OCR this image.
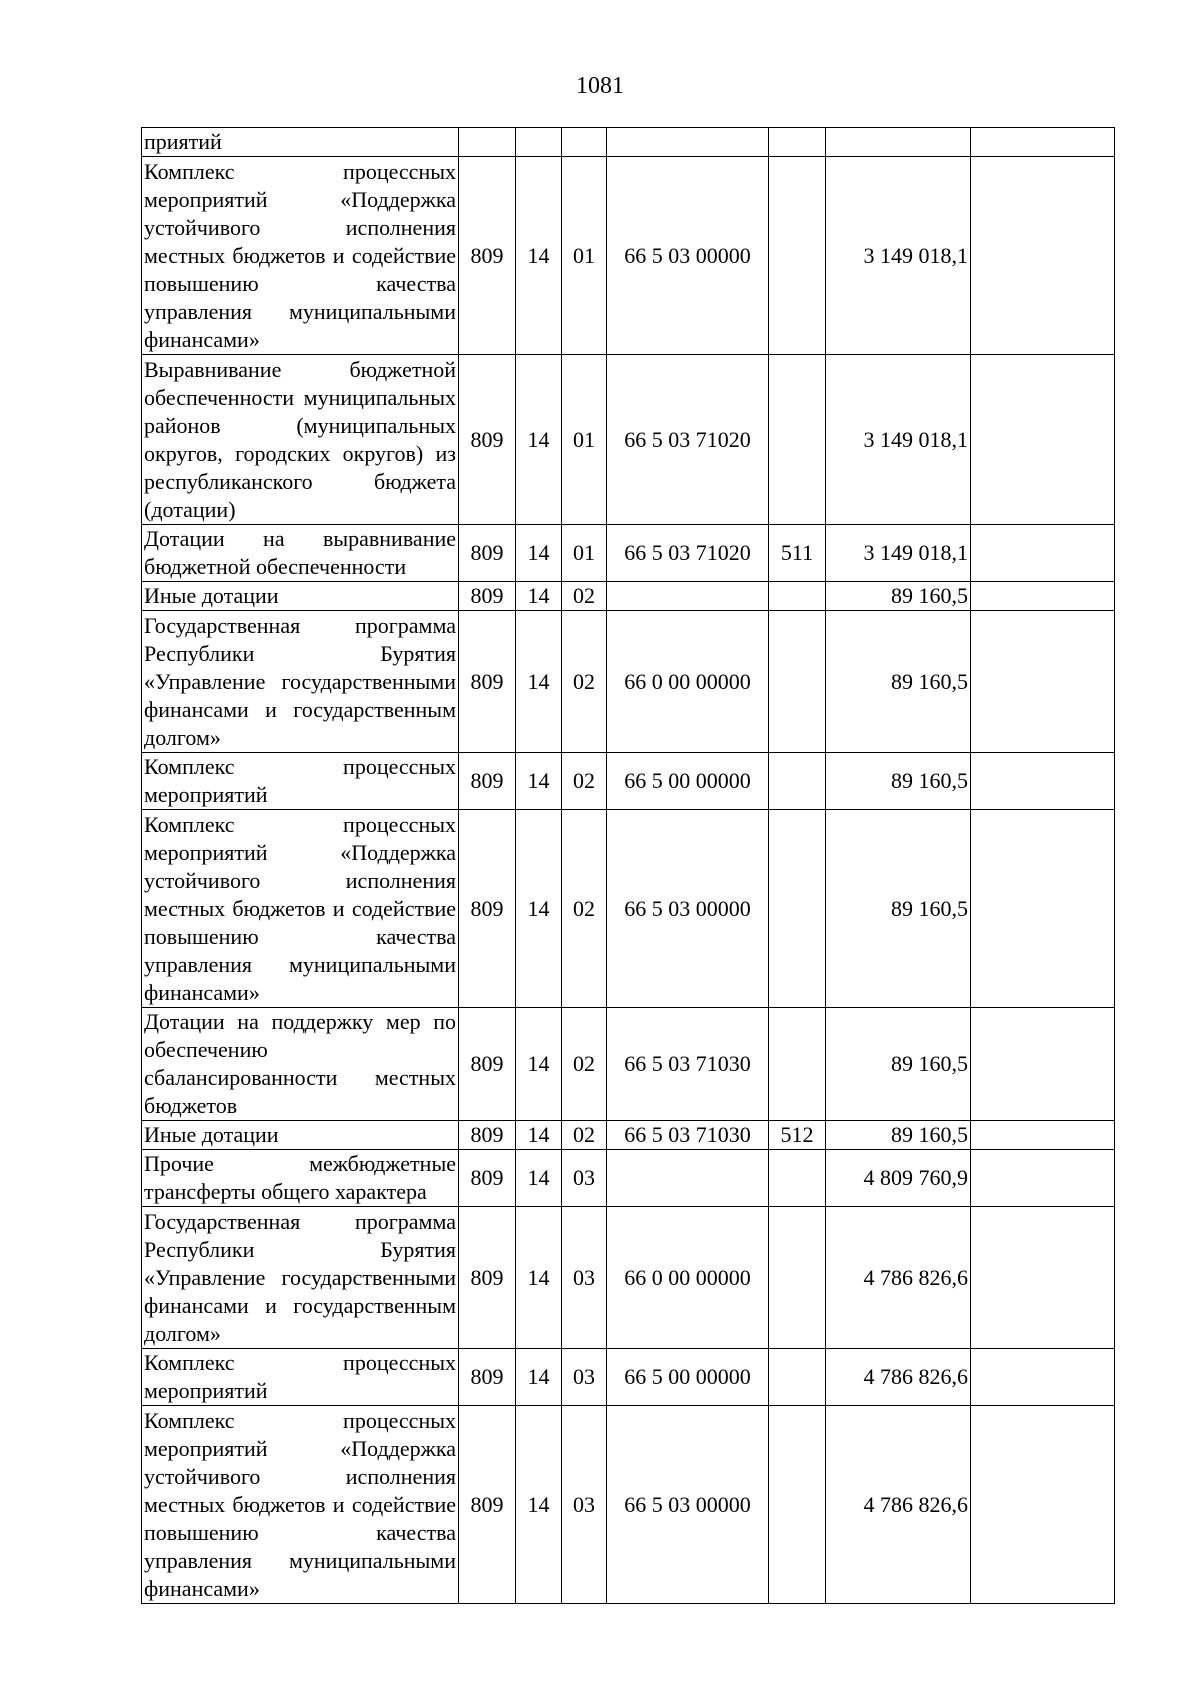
1081
приятий							
Комплекс процессных мероприятий «Поддержка устойчивого исполнения местных бюджетов и содействие повышению качества управления муниципальными финансами»	809	14	01	66 5 03 00000		3 149 018,1	
Выравнивание бюджетной обеспеченности муниципальных районов (муниципальных округов, городских округов) из республиканского бюджета (дотации)	809	14	01	66 5 03 71020		3 149 018,1	
Дотации на выравнивание бюджетной обеспеченности	809	14	01	66 5 03 71020	511	3 149 018,1	
Иные дотации	809	14	02			89 160,5	
Государственная программа Республики Бурятия «Управление государственными финансами и государственным долгом»	809	14	02	66 0 00 00000		89 160,5	
Комплекс процессных мероприятий	809	14	02	66 5 00 00000		89 160,5	
Комплекс процессных мероприятий «Поддержка устойчивого исполнения местных бюджетов и содействие повышению качества управления муниципальными финансами»	809	14	02	66 5 03 00000		89 160,5	
Дотации на поддержку мер по обеспечению сбалансированности местных бюджетов	809	14	02	66 5 03 71030		89 160,5	
Иные дотации	809	14	02	66 5 03 71030	512	89 160,5	
Прочие межбюджетные трансферты общего характера	809	14	03			4 809 760,9	
Государственная программа Республики Бурятия «Управление государственными финансами и государственным долгом»	809	14	03	66 0 00 00000		4 786 826,6	
Комплекс процессных мероприятий	809	14	03	66 5 00 00000		4 786 826,6	
Комплекс процессных мероприятий «Поддержка устойчивого исполнения местных бюджетов и содействие повышению качества управления муниципальными финансами»	809	14	03	66 5 03 00000		4 786 826,6	
